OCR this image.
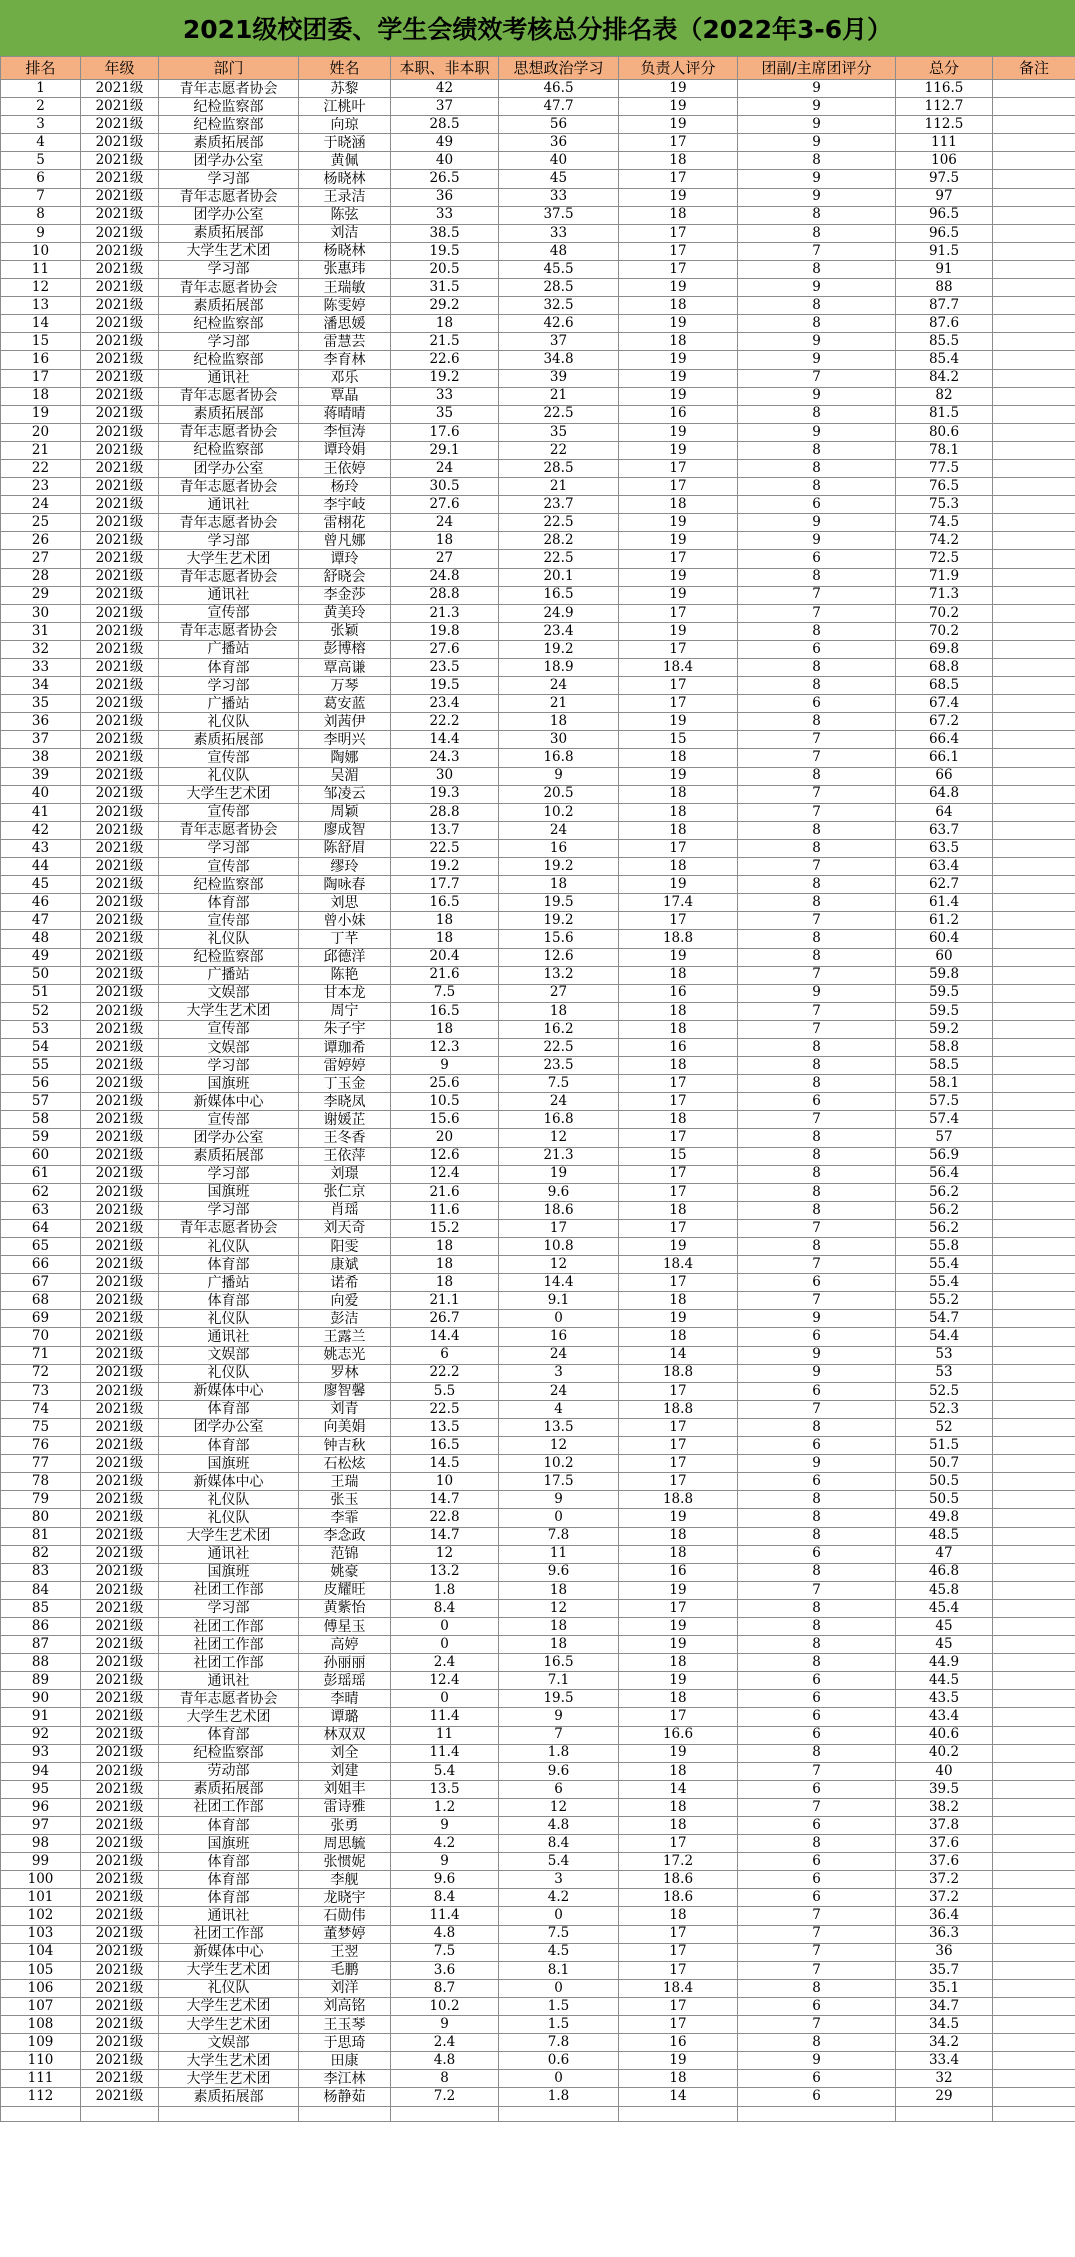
2021级校团委、学生会绩效考核总分排名表（2022年3-6月）
排名	年级	部门	姓名	本职、非本职	思想政治学习	负责人评分	团副/主席团评分	总分	备注
1	2021级	青年志愿者协会	苏黎	42	46.5	19	9	116.5	
2	2021级	纪检监察部	江桃叶	37	47.7	19	9	112.7	
3	2021级	纪检监察部	向琼	28.5	56	19	9	112.5	
4	2021级	素质拓展部	于晓涵	49	36	17	9	111	
5	2021级	团学办公室	黄佩	40	40	18	8	106	
6	2021级	学习部	杨晓林	26.5	45	17	9	97.5	
7	2021级	青年志愿者协会	王录洁	36	33	19	9	97	
8	2021级	团学办公室	陈弦	33	37.5	18	8	96.5	
9	2021级	素质拓展部	刘洁	38.5	33	17	8	96.5	
10	2021级	大学生艺术团	杨晓林	19.5	48	17	7	91.5	
11	2021级	学习部	张惠玮	20.5	45.5	17	8	91	
12	2021级	青年志愿者协会	王瑞敏	31.5	28.5	19	9	88	
13	2021级	素质拓展部	陈雯婷	29.2	32.5	18	8	87.7	
14	2021级	纪检监察部	潘思媛	18	42.6	19	8	87.6	
15	2021级	学习部	雷慧芸	21.5	37	18	9	85.5	
16	2021级	纪检监察部	李育林	22.6	34.8	19	9	85.4	
17	2021级	通讯社	邓乐	19.2	39	19	7	84.2	
18	2021级	青年志愿者协会	覃晶	33	21	19	9	82	
19	2021级	素质拓展部	蒋晴晴	35	22.5	16	8	81.5	
20	2021级	青年志愿者协会	李恒涛	17.6	35	19	9	80.6	
21	2021级	纪检监察部	谭玲娟	29.1	22	19	8	78.1	
22	2021级	团学办公室	王依婷	24	28.5	17	8	77.5	
23	2021级	青年志愿者协会	杨玲	30.5	21	17	8	76.5	
24	2021级	通讯社	李宇岐	27.6	23.7	18	6	75.3	
25	2021级	青年志愿者协会	雷栩花	24	22.5	19	9	74.5	
26	2021级	学习部	曾凡娜	18	28.2	19	9	74.2	
27	2021级	大学生艺术团	谭玲	27	22.5	17	6	72.5	
28	2021级	青年志愿者协会	舒晓会	24.8	20.1	19	8	71.9	
29	2021级	通讯社	李金莎	28.8	16.5	19	7	71.3	
30	2021级	宣传部	黄美玲	21.3	24.9	17	7	70.2	
31	2021级	青年志愿者协会	张颖	19.8	23.4	19	8	70.2	
32	2021级	广播站	彭博榕	27.6	19.2	17	6	69.8	
33	2021级	体育部	覃高谦	23.5	18.9	18.4	8	68.8	
34	2021级	学习部	万琴	19.5	24	17	8	68.5	
35	2021级	广播站	葛安蓝	23.4	21	17	6	67.4	
36	2021级	礼仪队	刘茜伊	22.2	18	19	8	67.2	
37	2021级	素质拓展部	李明兴	14.4	30	15	7	66.4	
38	2021级	宣传部	陶娜	24.3	16.8	18	7	66.1	
39	2021级	礼仪队	吴湄	30	9	19	8	66	
40	2021级	大学生艺术团	邹凌云	19.3	20.5	18	7	64.8	
41	2021级	宣传部	周颖	28.8	10.2	18	7	64	
42	2021级	青年志愿者协会	廖成智	13.7	24	18	8	63.7	
43	2021级	学习部	陈舒眉	22.5	16	17	8	63.5	
44	2021级	宣传部	缪玲	19.2	19.2	18	7	63.4	
45	2021级	纪检监察部	陶咏春	17.7	18	19	8	62.7	
46	2021级	体育部	刘思	16.5	19.5	17.4	8	61.4	
47	2021级	宣传部	曾小妹	18	19.2	17	7	61.2	
48	2021级	礼仪队	丁芊	18	15.6	18.8	8	60.4	
49	2021级	纪检监察部	邱德洋	20.4	12.6	19	8	60	
50	2021级	广播站	陈艳	21.6	13.2	18	7	59.8	
51	2021级	文娱部	甘本龙	7.5	27	16	9	59.5	
52	2021级	大学生艺术团	周宁	16.5	18	18	7	59.5	
53	2021级	宣传部	朱子宇	18	16.2	18	7	59.2	
54	2021级	文娱部	谭珈希	12.3	22.5	16	8	58.8	
55	2021级	学习部	雷婷婷	9	23.5	18	8	58.5	
56	2021级	国旗班	丁玉金	25.6	7.5	17	8	58.1	
57	2021级	新媒体中心	李晓凤	10.5	24	17	6	57.5	
58	2021级	宣传部	谢媛芷	15.6	16.8	18	7	57.4	
59	2021级	团学办公室	王冬香	20	12	17	8	57	
60	2021级	素质拓展部	王依萍	12.6	21.3	15	8	56.9	
61	2021级	学习部	刘璟	12.4	19	17	8	56.4	
62	2021级	国旗班	张仁京	21.6	9.6	17	8	56.2	
63	2021级	学习部	肖瑶	11.6	18.6	18	8	56.2	
64	2021级	青年志愿者协会	刘天奇	15.2	17	17	7	56.2	
65	2021级	礼仪队	阳雯	18	10.8	19	8	55.8	
66	2021级	体育部	康斌	18	12	18.4	7	55.4	
67	2021级	广播站	诺希	18	14.4	17	6	55.4	
68	2021级	体育部	向爱	21.1	9.1	18	7	55.2	
69	2021级	礼仪队	彭洁	26.7	0	19	9	54.7	
70	2021级	通讯社	王露兰	14.4	16	18	6	54.4	
71	2021级	文娱部	姚志光	6	24	14	9	53	
72	2021级	礼仪队	罗林	22.2	3	18.8	9	53	
73	2021级	新媒体中心	廖智馨	5.5	24	17	6	52.5	
74	2021级	体育部	刘青	22.5	4	18.8	7	52.3	
75	2021级	团学办公室	向美娟	13.5	13.5	17	8	52	
76	2021级	体育部	钟吉秋	16.5	12	17	6	51.5	
77	2021级	国旗班	石松炫	14.5	10.2	17	9	50.7	
78	2021级	新媒体中心	王瑞	10	17.5	17	6	50.5	
79	2021级	礼仪队	张玉	14.7	9	18.8	8	50.5	
80	2021级	礼仪队	李霏	22.8	0	19	8	49.8	
81	2021级	大学生艺术团	李念政	14.7	7.8	18	8	48.5	
82	2021级	通讯社	范锦	12	11	18	6	47	
83	2021级	国旗班	姚豪	13.2	9.6	16	8	46.8	
84	2021级	社团工作部	皮耀旺	1.8	18	19	7	45.8	
85	2021级	学习部	黄紫怡	8.4	12	17	8	45.4	
86	2021级	社团工作部	傅星玉	0	18	19	8	45	
87	2021级	社团工作部	高婷	0	18	19	8	45	
88	2021级	社团工作部	孙丽丽	2.4	16.5	18	8	44.9	
89	2021级	通讯社	彭瑶瑶	12.4	7.1	19	6	44.5	
90	2021级	青年志愿者协会	李晴	0	19.5	18	6	43.5	
91	2021级	大学生艺术团	谭璐	11.4	9	17	6	43.4	
92	2021级	体育部	林双双	11	7	16.6	6	40.6	
93	2021级	纪检监察部	刘全	11.4	1.8	19	8	40.2	
94	2021级	劳动部	刘建	5.4	9.6	18	7	40	
95	2021级	素质拓展部	刘姐丰	13.5	6	14	6	39.5	
96	2021级	社团工作部	雷诗雅	1.2	12	18	7	38.2	
97	2021级	体育部	张勇	9	4.8	18	6	37.8	
98	2021级	国旗班	周思毓	4.2	8.4	17	8	37.6	
99	2021级	体育部	张惯妮	9	5.4	17.2	6	37.6	
100	2021级	体育部	李舰	9.6	3	18.6	6	37.2	
101	2021级	体育部	龙晓宇	8.4	4.2	18.6	6	37.2	
102	2021级	通讯社	石勋伟	11.4	0	18	7	36.4	
103	2021级	社团工作部	董梦婷	4.8	7.5	17	7	36.3	
104	2021级	新媒体中心	王翌	7.5	4.5	17	7	36	
105	2021级	大学生艺术团	毛鹏	3.6	8.1	17	7	35.7	
106	2021级	礼仪队	刘洋	8.7	0	18.4	8	35.1	
107	2021级	大学生艺术团	刘高铭	10.2	1.5	17	6	34.7	
108	2021级	大学生艺术团	王玉琴	9	1.5	17	7	34.5	
109	2021级	文娱部	于思琦	2.4	7.8	16	8	34.2	
110	2021级	大学生艺术团	田康	4.8	0.6	19	9	33.4	
111	2021级	大学生艺术团	李江林	8	0	18	6	32	
112	2021级	素质拓展部	杨静茹	7.2	1.8	14	6	29	
